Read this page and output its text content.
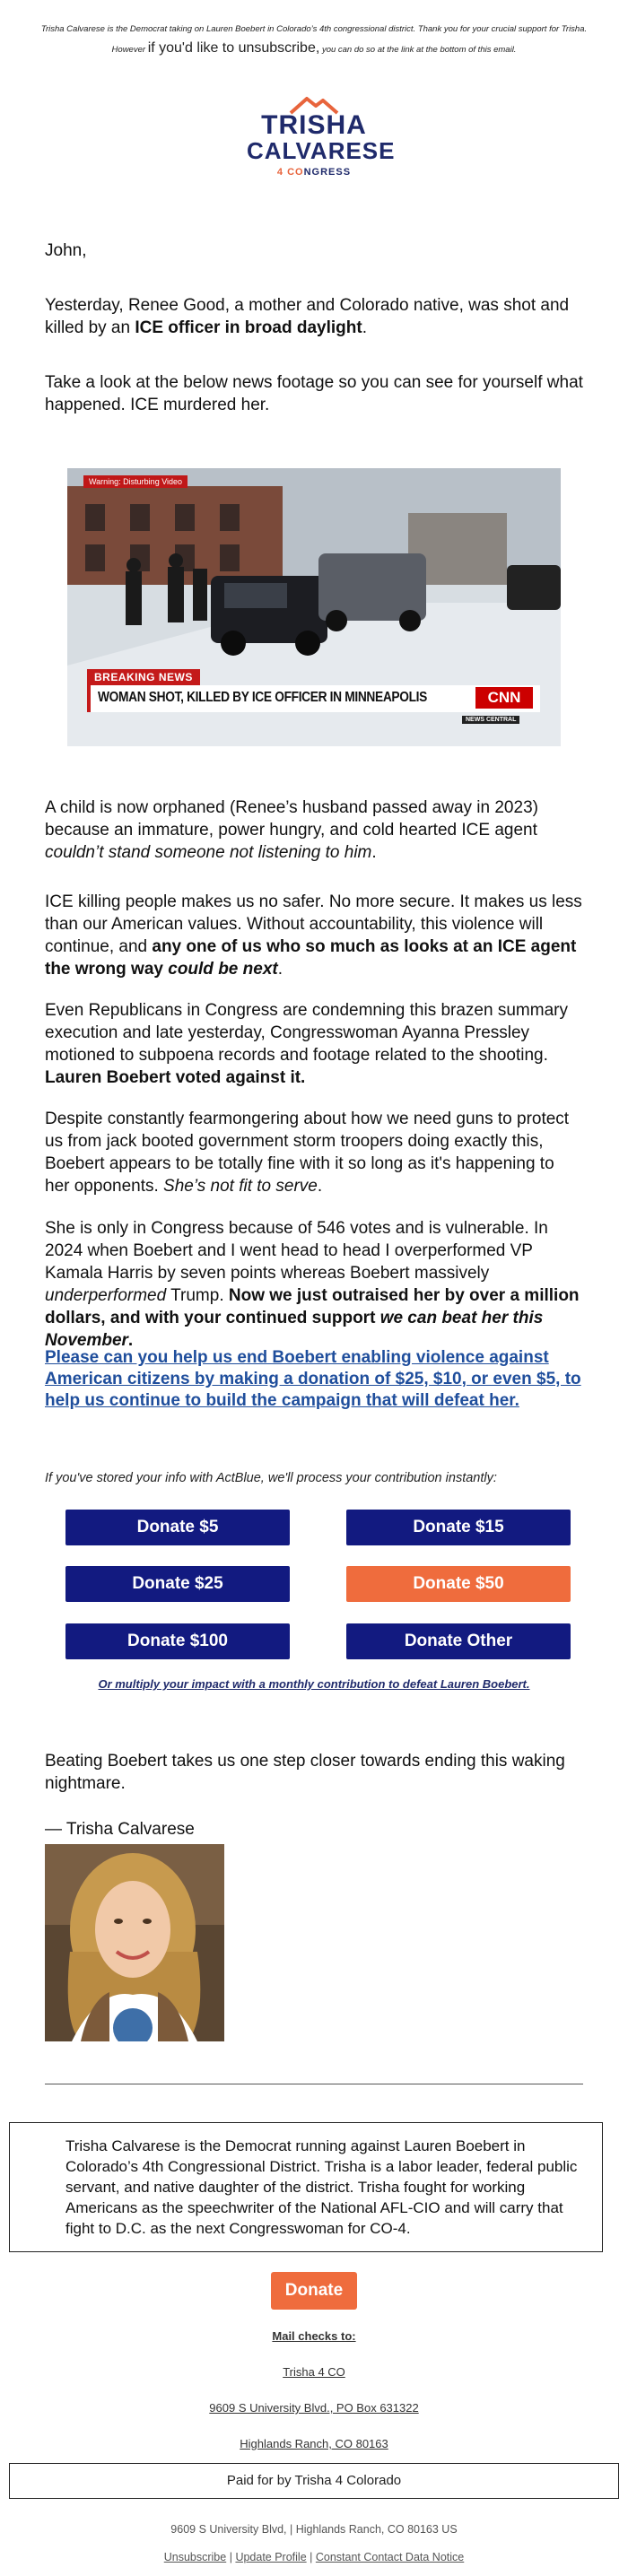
Trisha Calvarese is the Democrat taking on Lauren Boebert in Colorado’s 4th congressional district. Thank you for your crucial support for Trisha. However if you'd like to unsubscribe, you can do so at the link at the bottom of this email.
TRISHA
CALVARESE
4 CONGRESS
John,
Yesterday, Renee Good, a mother and Colorado native, was shot and killed by an ICE officer in broad daylight.
Take a look at the below news footage so you can see for yourself what happened. ICE murdered her.
Warning: Disturbing Video
BREAKING NEWS
WOMAN SHOT, KILLED BY ICE OFFICER IN MINNEAPOLIS	CNN
NEWS CENTRAL
A child is now orphaned (Renee’s husband passed away in 2023) because an immature, power hungry, and cold hearted ICE agent couldn’t stand someone not listening to him.
ICE killing people makes us no safer. No more secure. It makes us less than our American values. Without accountability, this violence will continue, and any one of us who so much as looks at an ICE agent the wrong way could be next.
Even Republicans in Congress are condemning this brazen summary execution and late yesterday, Congresswoman Ayanna Pressley motioned to subpoena records and footage related to the shooting. Lauren Boebert voted against it.
Despite constantly fearmongering about how we need guns to protect us from jack booted government storm troopers doing exactly this, Boebert appears to be totally fine with it so long as it's happening to her opponents. She’s not fit to serve.
She is only in Congress because of 546 votes and is vulnerable. In 2024 when Boebert and I went head to head I overperformed VP Kamala Harris by seven points whereas Boebert massively underperformed Trump. Now we just outraised her by over a million dollars, and with your continued support we can beat her this November.
Please can you help us end Boebert enabling violence against American citizens by making a donation of $25, $10, or even $5, to help us continue to build the campaign that will defeat her.
If you've stored your info with ActBlue, we'll process your contribution instantly:
Donate $5	Donate $15
Donate $25	Donate $50
Donate $100	Donate Other
Or multiply your impact with a monthly contribution to defeat Lauren Boebert.
Beating Boebert takes us one step closer towards ending this waking nightmare.
— Trisha Calvarese
Trisha Calvarese is the Democrat running against Lauren Boebert in Colorado’s 4th Congressional District. Trisha is a labor leader, federal public servant, and native daughter of the district. Trisha fought for working Americans as the speechwriter of the National AFL-CIO and will carry that fight to D.C. as the next Congresswoman for CO-4.
Donate
Mail checks to:
Trisha 4 CO
9609 S University Blvd., PO Box 631322
Highlands Ranch, CO 80163
Paid for by Trisha 4 Colorado
9609 S University Blvd, | Highlands Ranch, CO 80163 US
Unsubscribe | Update Profile | Constant Contact Data Notice
